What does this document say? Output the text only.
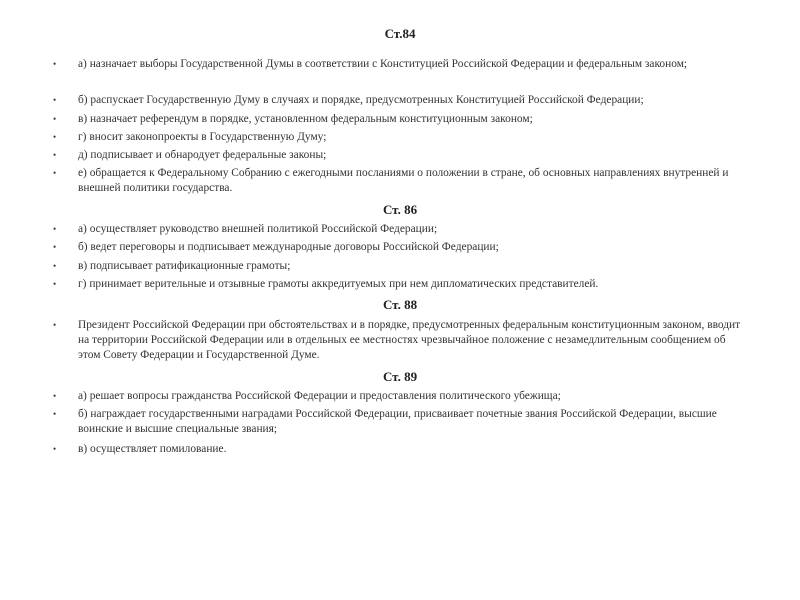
Ст.84
• а) назначает выборы Государственной Думы в соответствии с Конституцией Российской Федерации и федеральным законом;
• б) распускает Государственную Думу в случаях и порядке, предусмотренных Конституцией Российской Федерации;
• в) назначает референдум в порядке, установленном федеральным конституционным законом;
• г) вносит законопроекты в Государственную Думу;
• д) подписывает и обнародует федеральные законы;
• е) обращается к Федеральному Собранию с ежегодными посланиями о положении в стране, об основных направлениях внутренней и внешней политики государства.
Ст. 86
• а) осуществляет руководство внешней политикой Российской Федерации;
• б) ведет переговоры и подписывает международные договоры Российской Федерации;
• в) подписывает ратификационные грамоты;
• г) принимает верительные и отзывные грамоты аккредитуемых при нем дипломатических представителей.
Ст. 88
• Президент Российской Федерации при обстоятельствах и в порядке, предусмотренных федеральным конституционным законом, вводит на территории Российской Федерации или в отдельных ее местностях чрезвычайное положение с незамедлительным сообщением об этом Совету Федерации и Государственной Думе.
Ст. 89
• а) решает вопросы гражданства Российской Федерации и предоставления политического убежища;
• б) награждает государственными наградами Российской Федерации, присваивает почетные звания Российской Федерации, высшие воинские и высшие специальные звания;
• в) осуществляет помилование.
